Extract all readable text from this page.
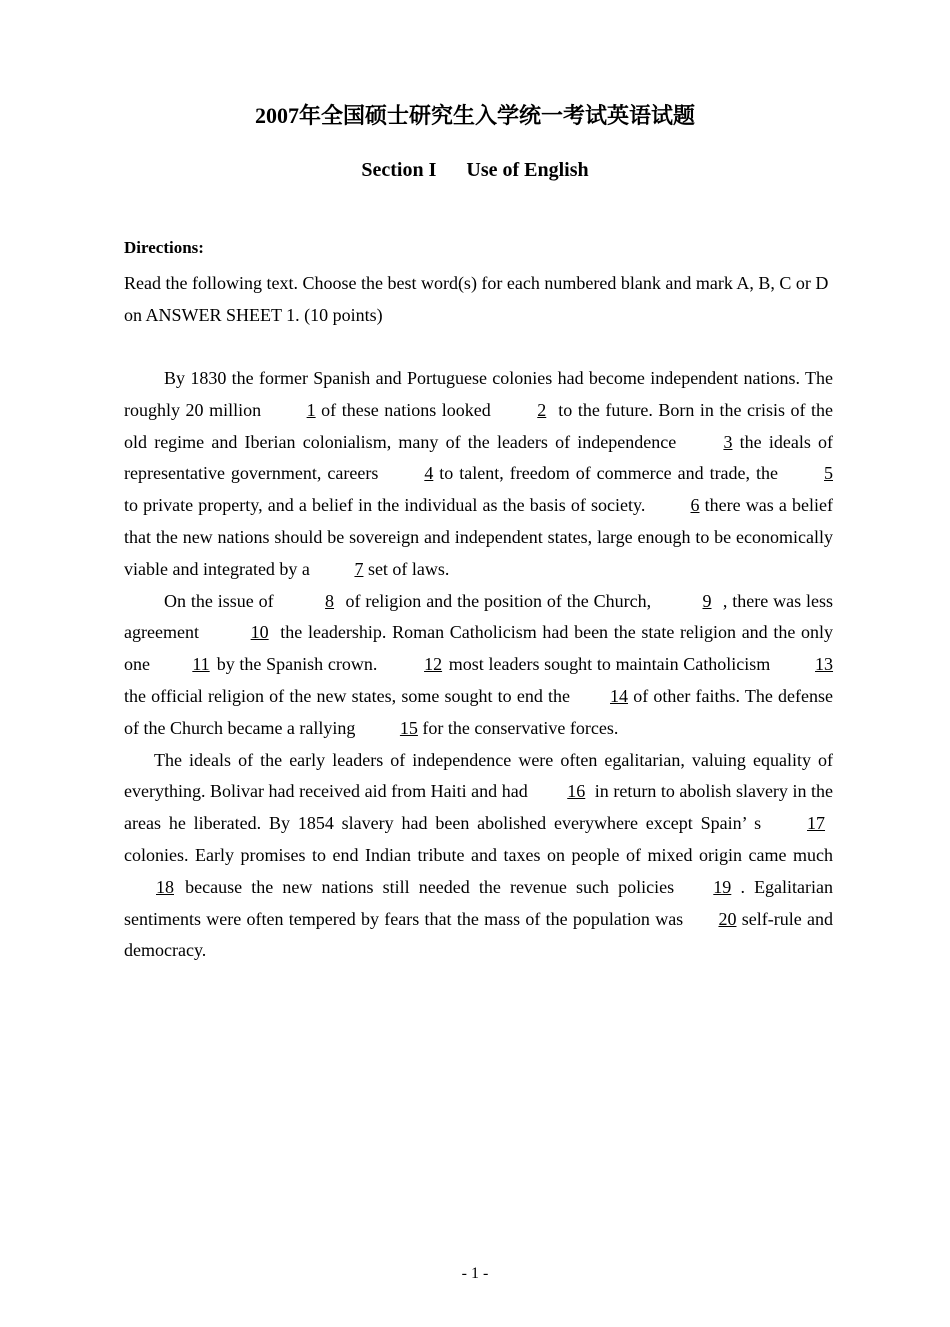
2007年全国硕士研究生入学统一考试英语试题
Section I Use of English
Directions:
Read the following text. Choose the best word(s) for each numbered blank and mark A, B, C or D on ANSWER SHEET 1. (10 points)

By 1830 the former Spanish and Portuguese colonies had become independent nations. The roughly 20 million	1 of these nations looked	2 to the future. Born in the crisis of the old regime and Iberian colonialism, many of the leaders of independence	3 the ideals of representative government, careers	4 to talent, freedom of commerce and trade, the	5 to private property, and a belief in the individual as the basis of society.	6 there was a belief that the new nations should be sovereign and independent states, large enough to be economically viable and integrated by a 7 set of laws.

On the issue of	8 of religion and the position of the Church,	9 , there was less agreement	10 the leadership. Roman Catholicism had been the state religion and the only one 11 by the Spanish crown.	12 most leaders sought to maintain Catholicism 13 the official religion of the new states, some sought to end the 14 of other faiths. The defense of the Church became a rallying 15 for the conservative forces.

The ideals of the early leaders of independence were often egalitarian, valuing equality of everything. Bolivar had received aid from Haiti and had 16 in return to abolish slavery in the areas he liberated. By 1854 slavery had been abolished everywhere except Spain’ s	17 colonies. Early promises to end Indian tribute and taxes on people of mixed origin came much 18 because the new nations still needed the revenue such policies 19 . Egalitarian sentiments were often tempered by fears that the mass of the population was 20 self-rule and democracy.

- 1 -
